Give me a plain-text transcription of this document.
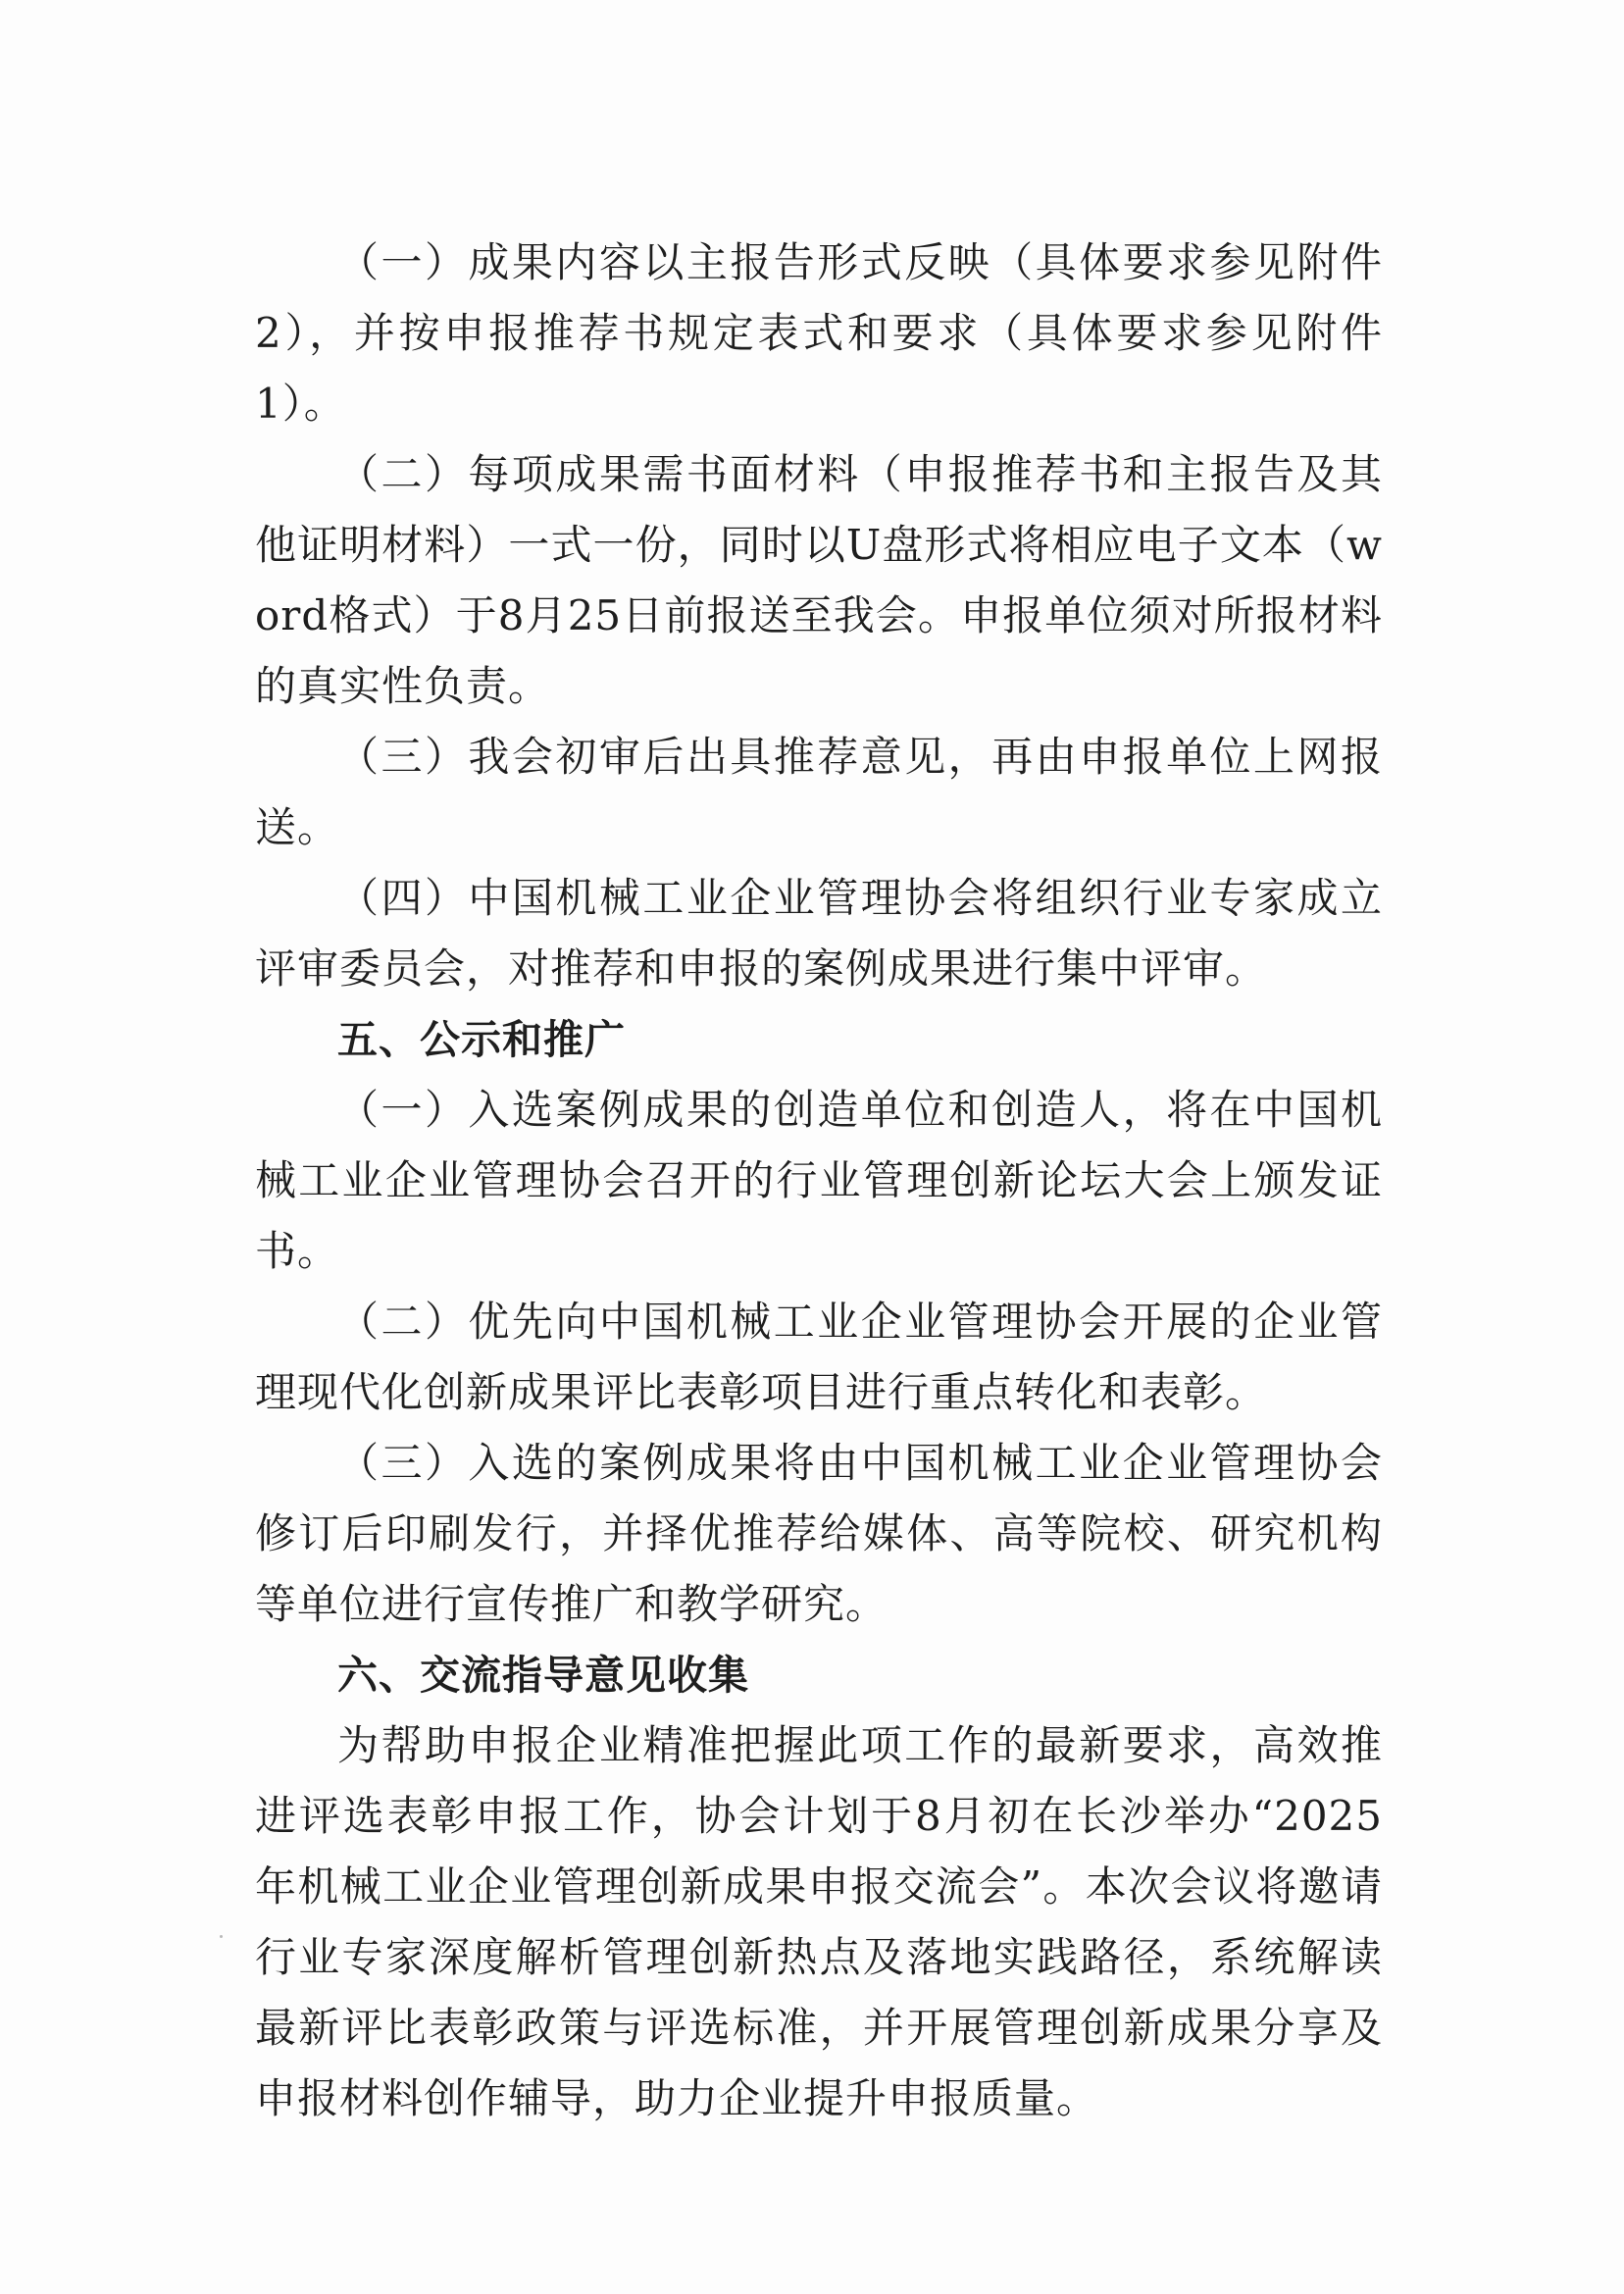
（一）成果内容以主报告形式反映（具体要求参见附件2），并按申报推荐书规定表式和要求（具体要求参见附件1）。

（二）每项成果需书面材料（申报推荐书和主报告及其他证明材料）一式一份，同时以U盘形式将相应电子文本（word格式）于8月25日前报送至我会。申报单位须对所报材料的真实性负责。

（三）我会初审后出具推荐意见，再由申报单位上网报送。

（四）中国机械工业企业管理协会将组织行业专家成立评审委员会，对推荐和申报的案例成果进行集中评审。

五、公示和推广

（一）入选案例成果的创造单位和创造人，将在中国机械工业企业管理协会召开的行业管理创新论坛大会上颁发证书。

（二）优先向中国机械工业企业管理协会开展的企业管理现代化创新成果评比表彰项目进行重点转化和表彰。

（三）入选的案例成果将由中国机械工业企业管理协会修订后印刷发行，并择优推荐给媒体、高等院校、研究机构等单位进行宣传推广和教学研究。

六、交流指导意见收集

为帮助申报企业精准把握此项工作的最新要求，高效推进评选表彰申报工作，协会计划于8月初在长沙举办“2025年机械工业企业管理创新成果申报交流会”。本次会议将邀请行业专家深度解析管理创新热点及落地实践路径，系统解读最新评比表彰政策与评选标准，并开展管理创新成果分享及申报材料创作辅导，助力企业提升申报质量。
